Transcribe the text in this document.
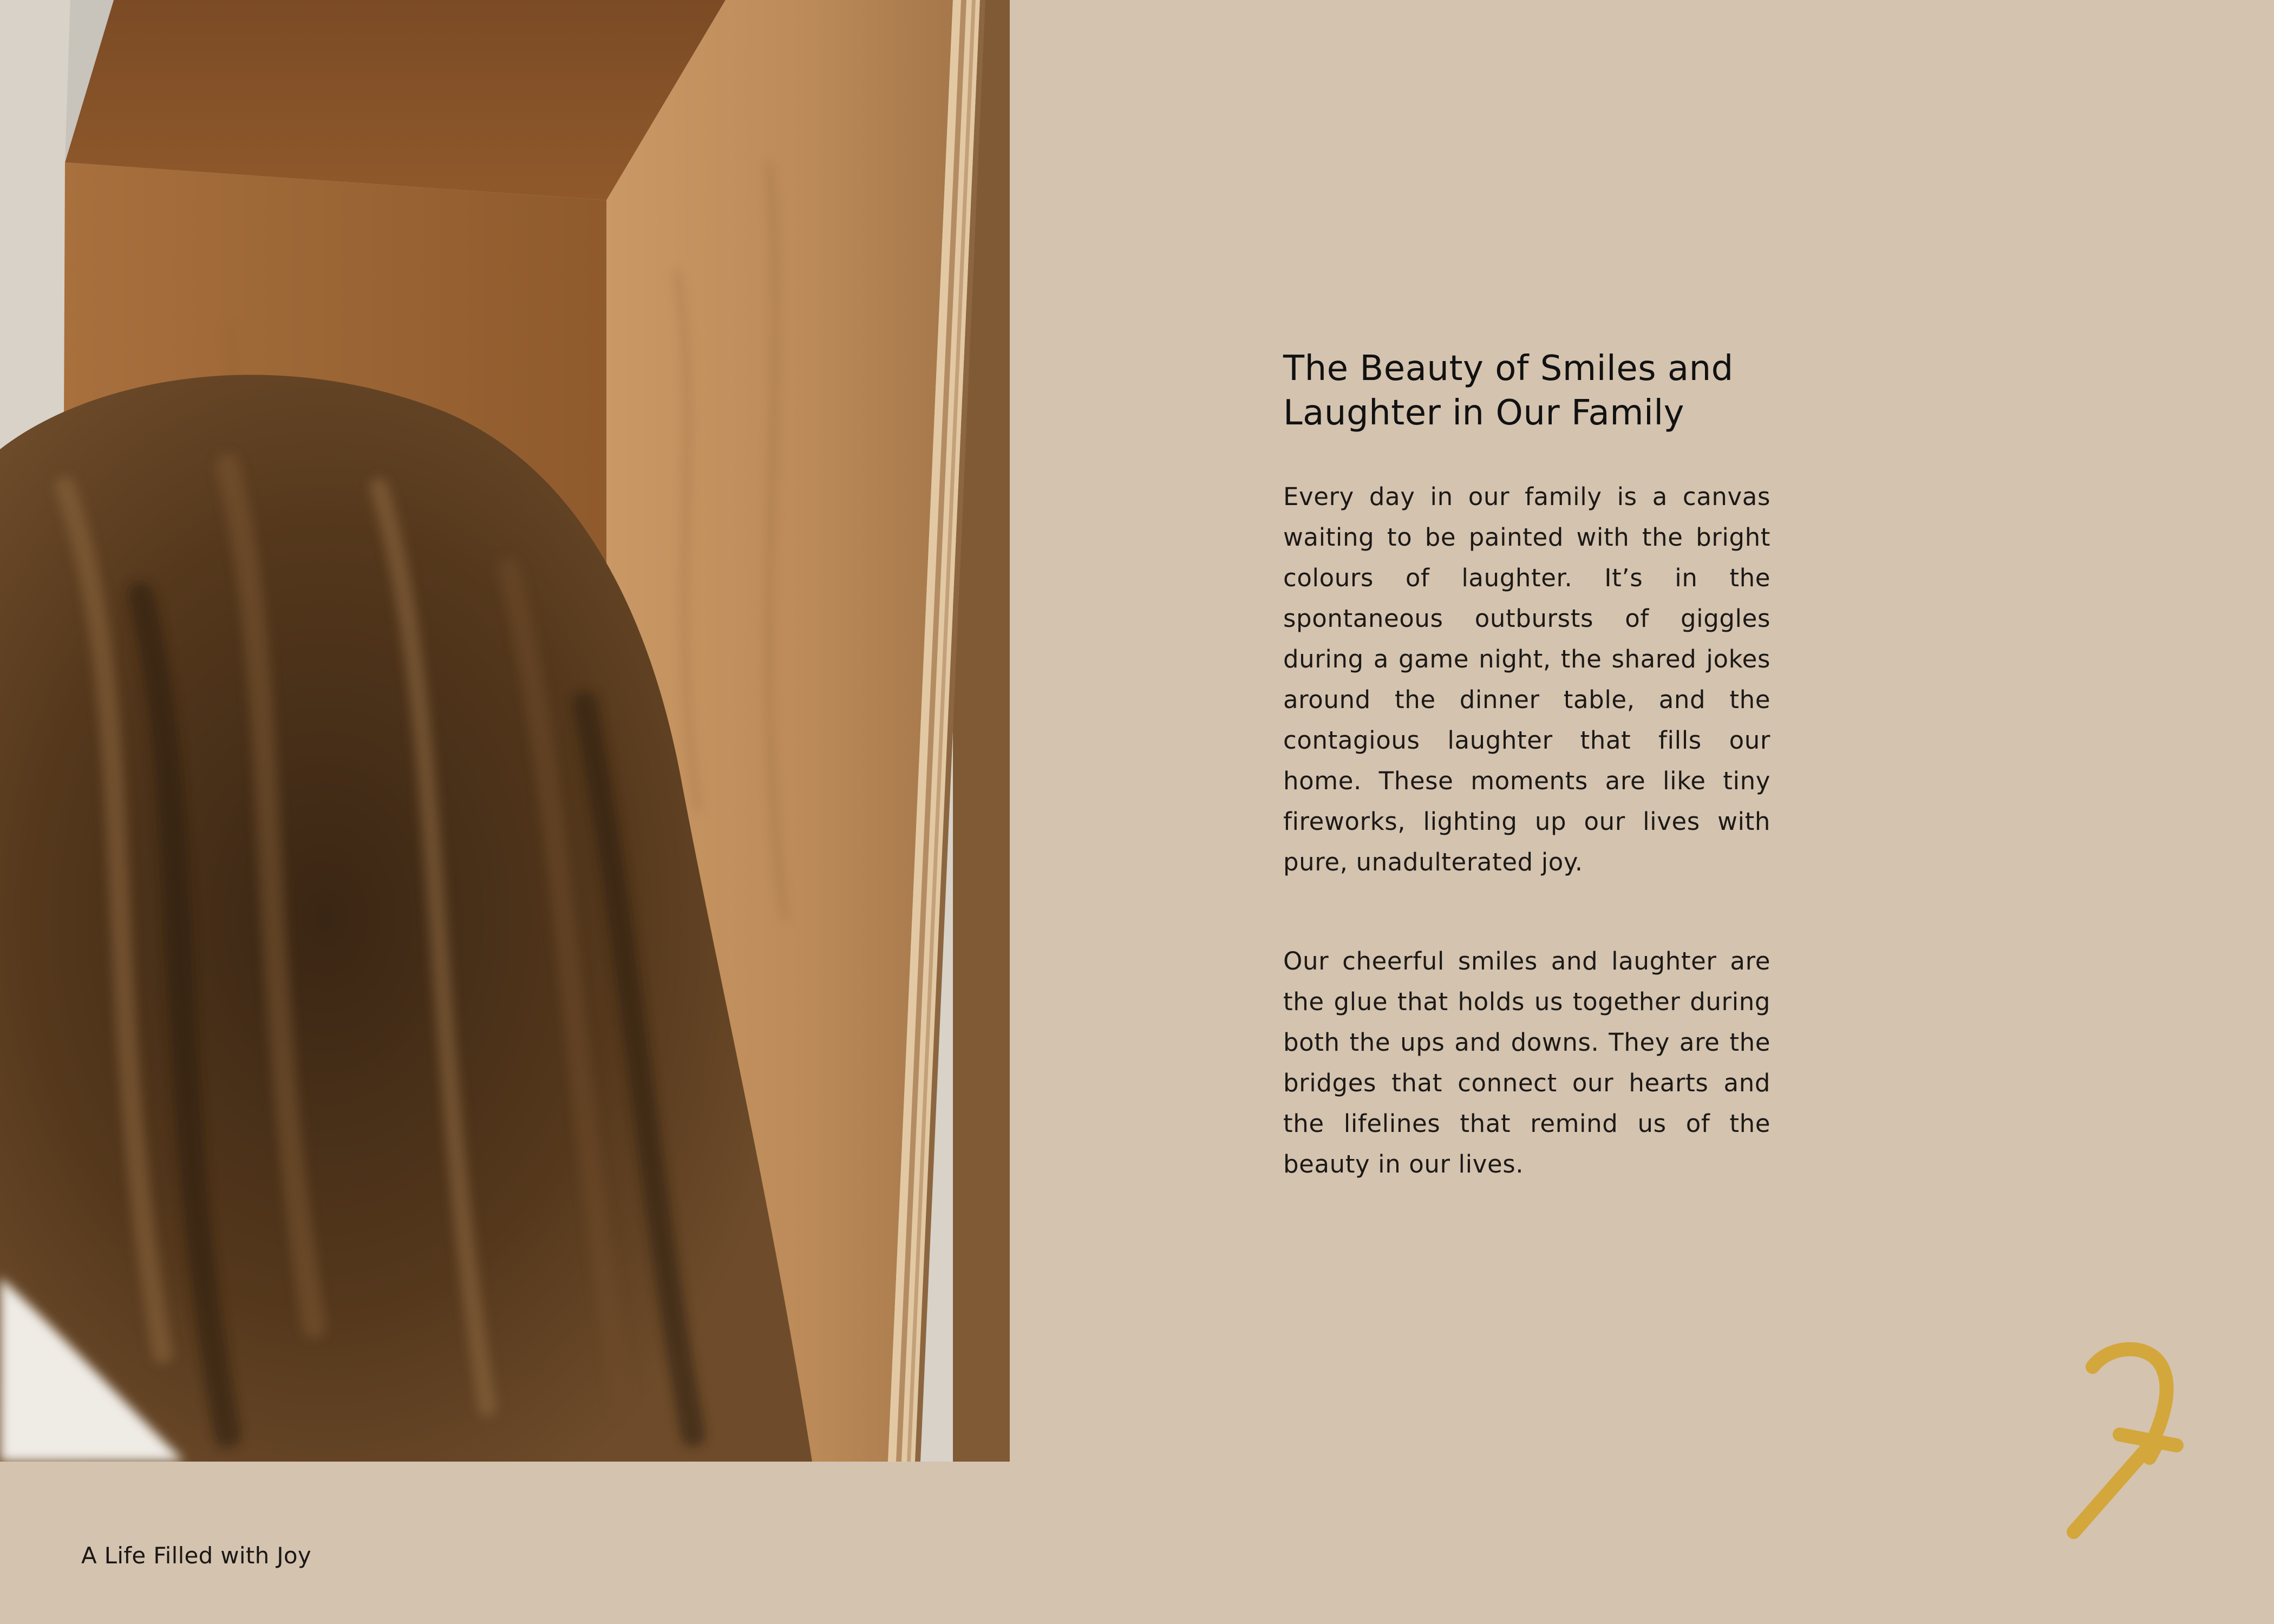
The Beauty of Smiles and Laughter in Our Family

Every day in our family is a canvas waiting to be painted with the bright colours of laughter. It’s in the spontaneous outbursts of giggles during a game night, the shared jokes around the dinner table, and the contagious laughter that fills our home. These moments are like tiny fireworks, lighting up our lives with pure, unadulterated joy.

Our cheerful smiles and laughter are the glue that holds us together during both the ups and downs. They are the bridges that connect our hearts and the lifelines that remind us of the beauty in our lives.

A Life Filled with Joy
